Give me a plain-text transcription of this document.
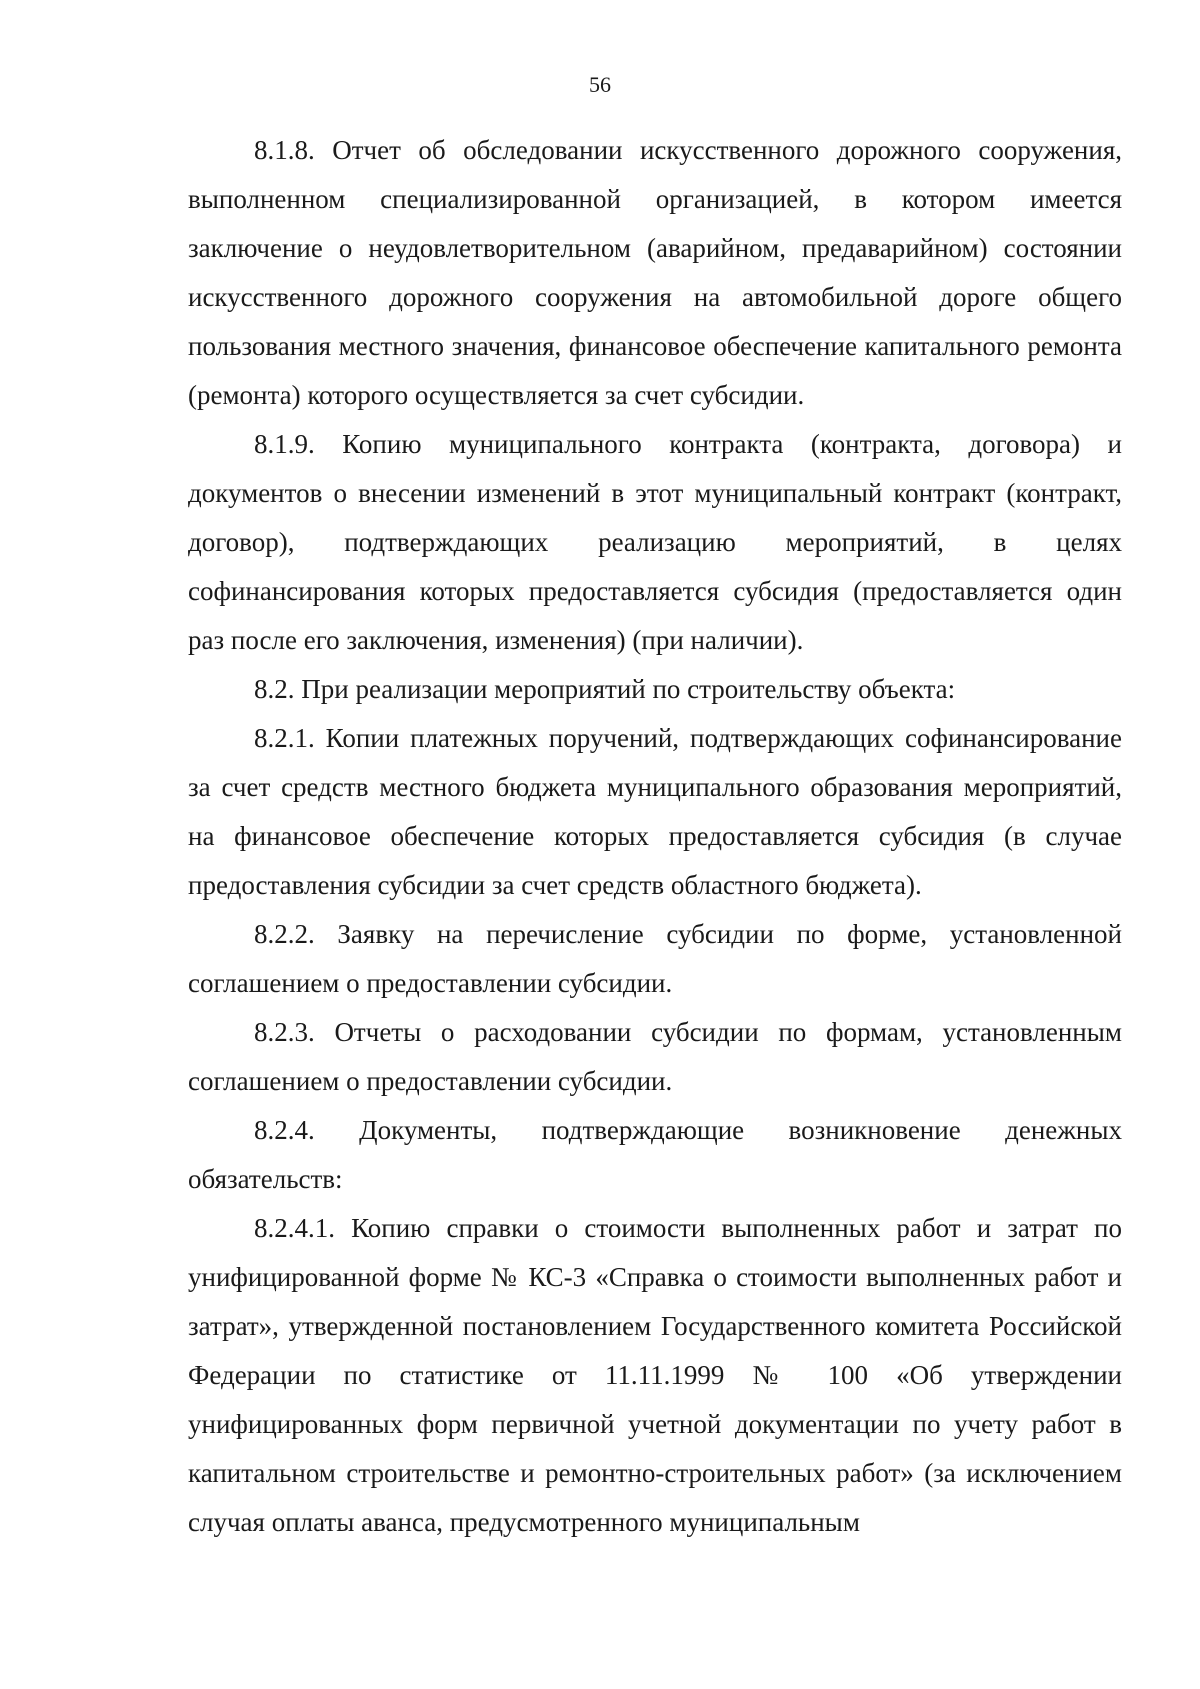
56

8.1.8. Отчет об обследовании искусственного дорожного сооружения, выполненном специализированной организацией, в котором имеется заключение о неудовлетворительном (аварийном, предаварийном) состоянии искусственного дорожного сооружения на автомобильной дороге общего пользования местного значения, финансовое обеспечение капитального ремонта (ремонта) которого осуществляется за счет субсидии.

8.1.9. Копию муниципального контракта (контракта, договора) и документов о внесении изменений в этот муниципальный контракт (контракт, договор), подтверждающих реализацию мероприятий, в целях софинансирования которых предоставляется субсидия (предоставляется один раз после его заключения, изменения) (при наличии).

8.2. При реализации мероприятий по строительству объекта:

8.2.1. Копии платежных поручений, подтверждающих софинансирование за счет средств местного бюджета муниципального образования мероприятий, на финансовое обеспечение которых предоставляется субсидия (в случае предоставления субсидии за счет средств областного бюджета).

8.2.2. Заявку на перечисление субсидии по форме, установленной соглашением о предоставлении субсидии.

8.2.3. Отчеты о расходовании субсидии по формам, установленным соглашением о предоставлении субсидии.

8.2.4. Документы, подтверждающие возникновение денежных обязательств:

8.2.4.1. Копию справки о стоимости выполненных работ и затрат по унифицированной форме № КС-3 «Справка о стоимости выполненных работ и затрат», утвержденной постановлением Государственного комитета Российской Федерации по статистике от 11.11.1999 № 100 «Об утверждении унифицированных форм первичной учетной документации по учету работ в капитальном строительстве и ремонтно-строительных работ» (за исключением случая оплаты аванса, предусмотренного муниципальным
